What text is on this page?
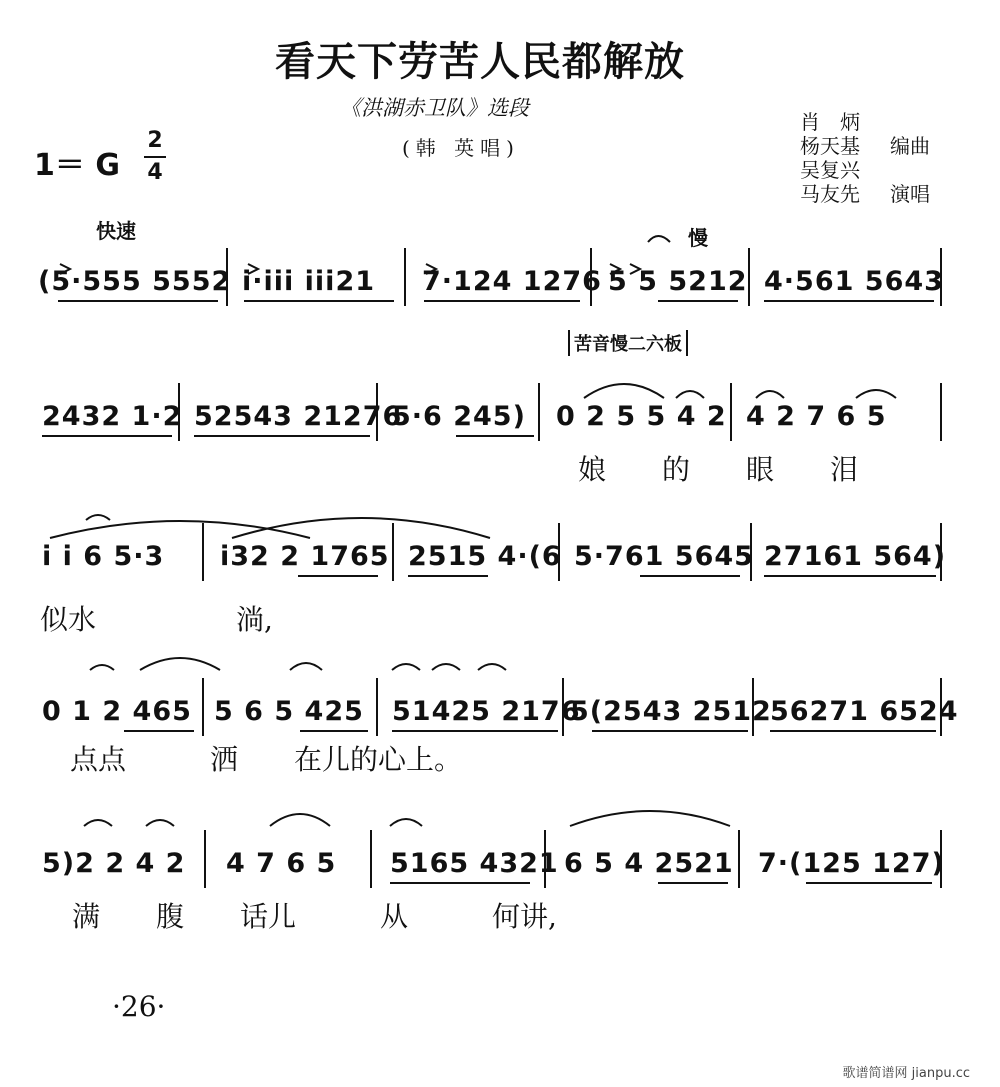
看天下劳苦人民都解放
《洪湖赤卫队》选段
(韩 英唱)
1＝ G
2
4
肖　炳
杨天基
吴复兴
马友先
编曲
演唱
快速	慢
苦音慢二六板
(5·555 5552 i·iii iii21 7·124 1276 5 5 5212 4·561 5643
2432 1·2 52543 21276
5·6 245) 0 2 5 5 4 2 4 2 7 6 5
娘　　的　　眼　　泪
i i 6 5·3 i32 2 1765 2515 4·(6 5·761 5645 27161 564)
似水　　　　　淌,
0 1 2 465 5 6 5 425 51425 2176
5(2543 2512
56271 6524
点点　　　洒　　在儿的心上。
5)2 2 4 2 4 7 6 5 5165 4321 6 5 4 2521 7·(125 127)
满　　腹　　话儿　　　从　　　何讲,
·26·
歌谱简谱网 jianpu.cc
